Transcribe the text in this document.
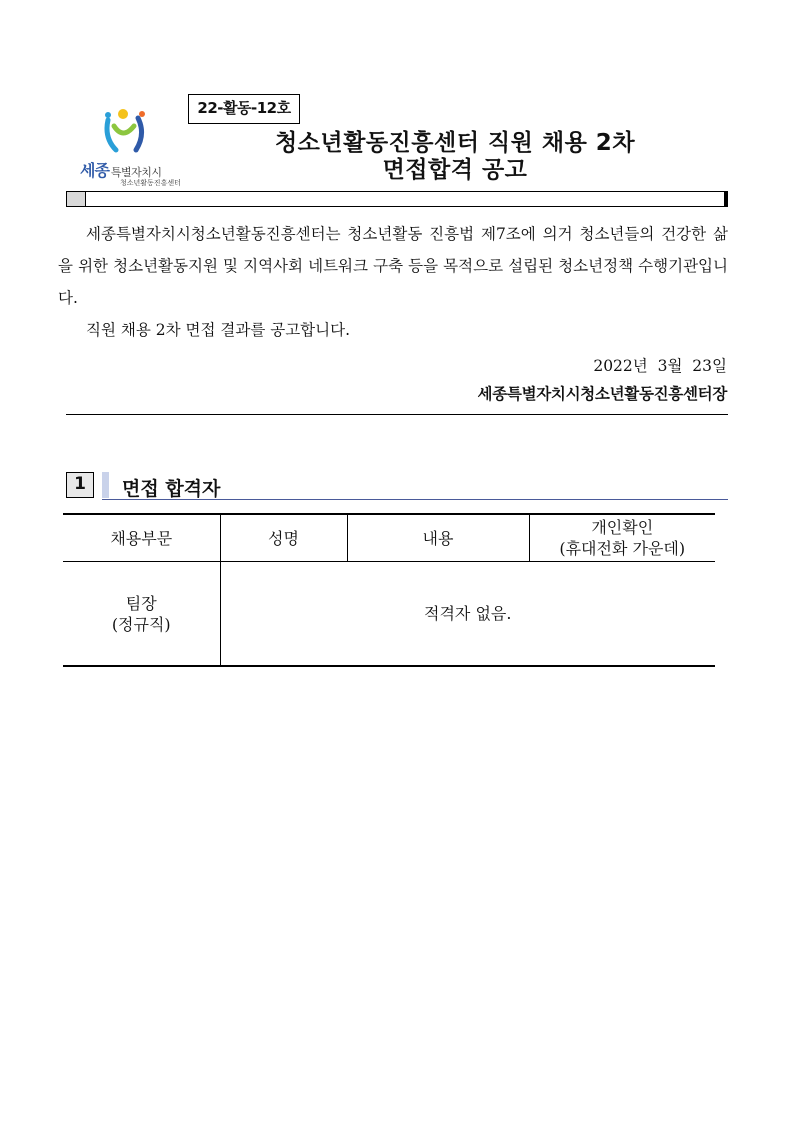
22-활동-12호
세종 특별자치시
청소년활동진흥센터
청소년활동진흥센터 직원 채용 2차
면접합격 공고

세종특별자치시청소년활동진흥센터는 청소년활동 진흥법 제7조에 의거 청소년들의 건강한 삶을 위한 청소년활동지원 및 지역사회 네트워크 구축 등을 목적으로 설립된 청소년정책 수행기관입니다.

직원 채용 2차 면접 결과를 공고합니다.

2022년  3월  23일
세종특별자치시청소년활동진흥센터장
1	면접 합격자
채용부문	성명	내용	개인확인
(휴대전화 가운데)
팀장
(정규직)	적격자 없음.		
